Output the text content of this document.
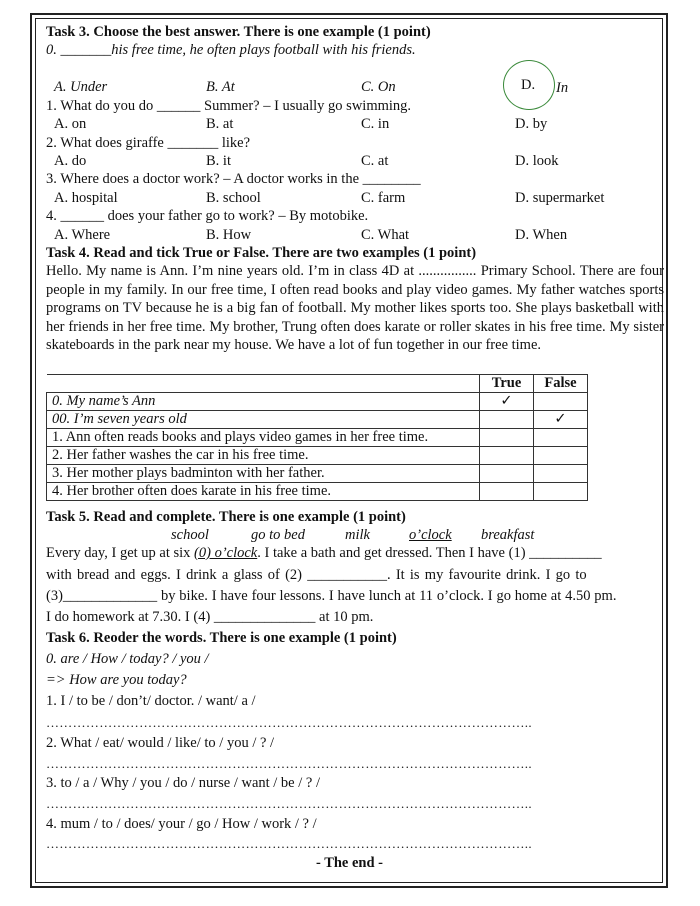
Task 3. Choose the best answer. There is one example (1 point)
0. _______his free time, he often plays football with his friends.
A. Under	B. At	C. On	D. In
1. What do you do ______ Summer? – I usually go swimming.
A. on	B. at	C. in	D. by
2. What does giraffe _______ like?
A. do	B. it	C. at	D. look
3. Where does a doctor work? – A doctor works in the ________
A. hospital	B. school	C. farm	D. supermarket
4. ______ does your father go to work? – By motobike.
A. Where	B. How	C. What	D. When
Task 4. Read and tick True or False. There are two examples (1 point)
Hello. My name is Ann. I’m nine years old. I’m in class 4D at ................ Primary School. There are four people in my family. In our free time, I often read books and play video games. My father watches sports programs on TV because he is a big fan of football. My mother likes sports too. She plays basketball with her friends in her free time. My brother, Trung often does karate or roller skates in his free time. My sister skateboards in the park near my house. We have a lot of fun together in our free time.
	True	False
0. My name’s Ann	✓	
00. I’m seven years old		✓
1. Ann often reads books and plays video games in her free time.		
2. Her father washes the car in his free time.		
3. Her mother plays badminton with her father.		
4. Her brother often does karate in his free time.		
Task 5. Read and complete. There is one example (1 point)
school	go to bed	milk	o’clock breakfast
Every day, I get up at six (0) o’clock. I take a bath and get dressed. Then I have (1) __________
with bread and eggs. I drink a glass of (2) ___________. It is my favourite drink. I go to
(3)_____________ by bike. I have four lessons. I have lunch at 11 o’clock. I go home at 4.50 pm.
I do homework at 7.30. I (4) ______________ at 10 pm.
Task 6. Reoder the words. There is one example (1 point)
0. are / How / today? / you /
=> How are you today?
1. I / to be / don’t/ doctor. / want/ a /
………………………………………………………………………………………………..
2. What / eat/ would / like/ to / you / ? /
………………………………………………………………………………………………..
3. to / a / Why / you / do / nurse / want / be / ? /
………………………………………………………………………………………………..
4. mum / to / does/ your / go / How / work / ? /
………………………………………………………………………………………………..
- The end -
